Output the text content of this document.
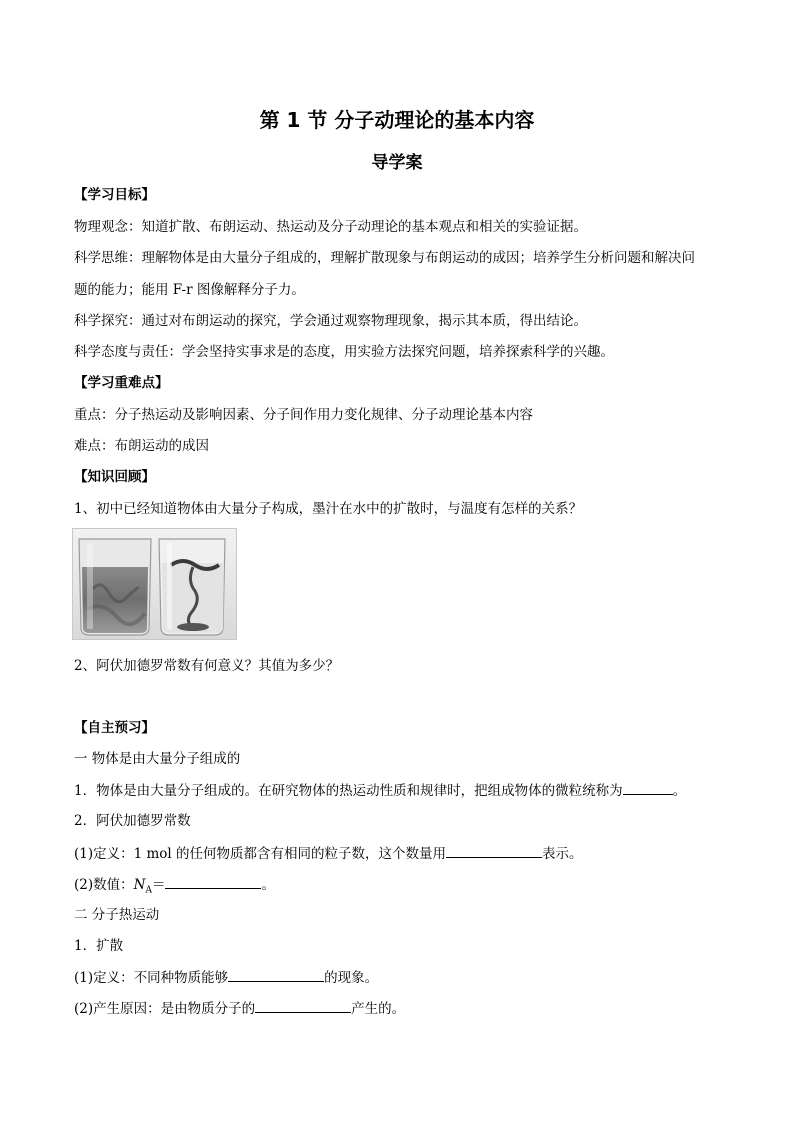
第 1 节 分子动理论的基本内容
导学案
【学习目标】
物理观念：知道扩散、布朗运动、热运动及分子动理论的基本观点和相关的实验证据。
科学思维：理解物体是由大量分子组成的，理解扩散现象与布朗运动的成因；培养学生分析问题和解决问
题的能力；能用 F-r 图像解释分子力。
科学探究：通过对布朗运动的探究，学会通过观察物理现象，揭示其本质，得出结论。
科学态度与责任：学会坚持实事求是的态度，用实验方法探究问题，培养探索科学的兴趣。
【学习重难点】
重点：分子热运动及影响因素、分子间作用力变化规律、分子动理论基本内容
难点：布朗运动的成因
【知识回顾】
1、初中已经知道物体由大量分子构成，墨汁在水中的扩散时，与温度有怎样的关系？
2、阿伏加德罗常数有何意义？其值为多少？
【自主预习】
一 物体是由大量分子组成的
1．物体是由大量分子组成的。在研究物体的热运动性质和规律时，把组成物体的微粒统称为	。
2．阿伏加德罗常数
(1)定义：1 mol 的任何物质都含有相同的粒子数，这个数量用	表示。
(2)数值：$N_A=$	。
二 分子热运动
1．扩散
(1)定义：不同种物质能够	的现象。
(2)产生原因：是由物质分子的	产生的。
